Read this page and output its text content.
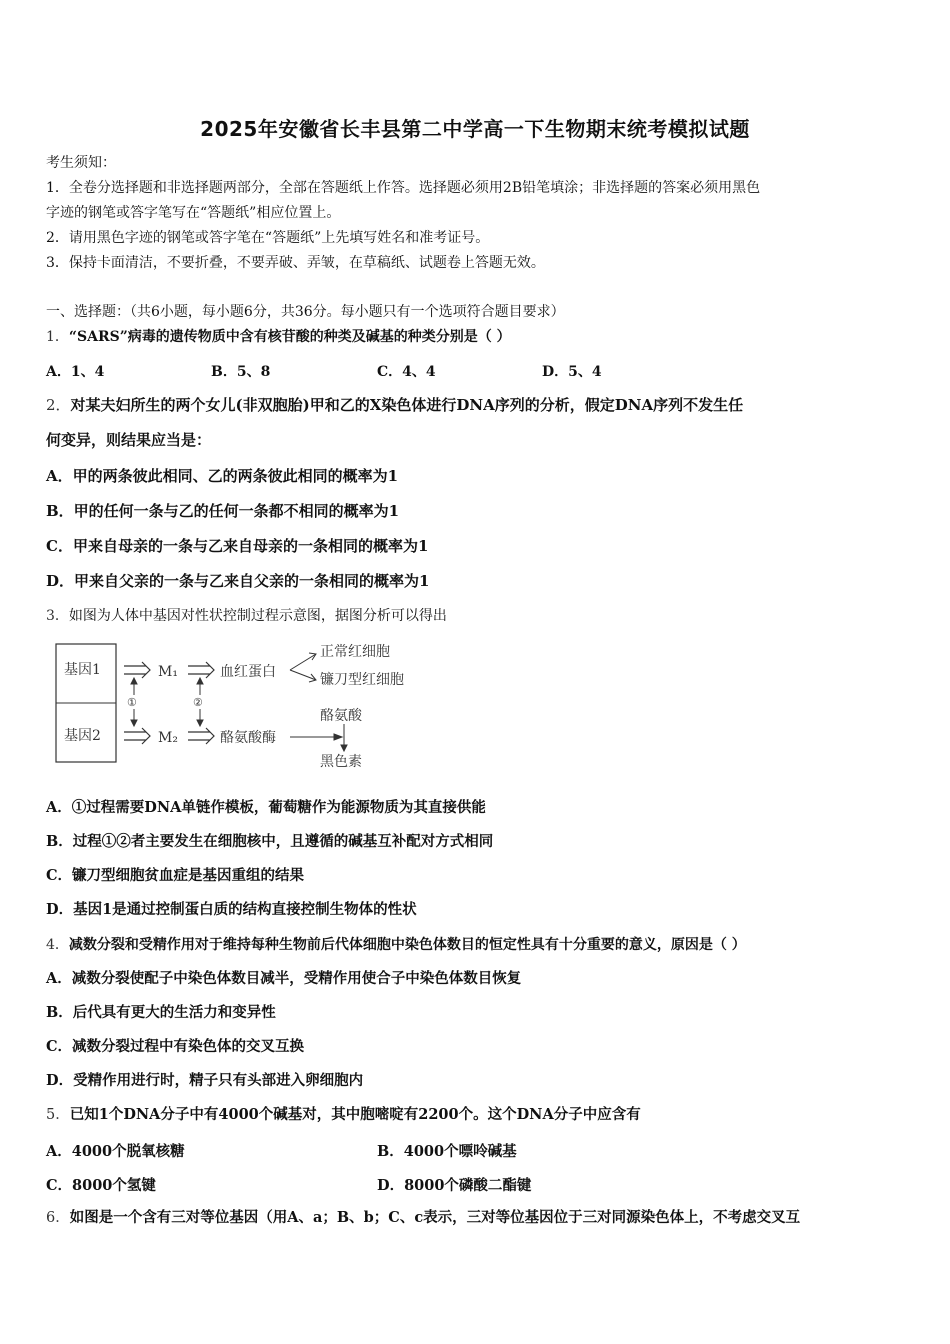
2025年安徽省长丰县第二中学高一下生物期末统考模拟试题
考生须知：
1．全卷分选择题和非选择题两部分，全部在答题纸上作答。选择题必须用2B铅笔填涂；非选择题的答案必须用黑色
字迹的钢笔或答字笔写在“答题纸”相应位置上。
2．请用黑色字迹的钢笔或答字笔在“答题纸”上先填写姓名和准考证号。
3．保持卡面清洁，不要折叠，不要弄破、弄皱，在草稿纸、试题卷上答题无效。
一、选择题：（共6小题，每小题6分，共36分。每小题只有一个选项符合题目要求）
1．“SARS”病毒的遗传物质中含有核苷酸的种类及碱基的种类分别是（ ）
A．1、4	B．5、8	C．4、4	D．5、4
2．对某夫妇所生的两个女儿(非双胞胎)甲和乙的X染色体进行DNA序列的分析，假定DNA序列不发生任
何变异，则结果应当是：
A．甲的两条彼此相同、乙的两条彼此相同的概率为1
B．甲的任何一条与乙的任何一条都不相同的概率为1
C．甲来自母亲的一条与乙来自母亲的一条相同的概率为1
D．甲来自父亲的一条与乙来自父亲的一条相同的概率为1
3．如图为人体中基因对性状控制过程示意图，据图分析可以得出
基因1
基因2
M₁
M₂
①	②
血红蛋白
正常红细胞
镰刀型红细胞
酪氨酸酶
酪氨酸
黑色素
A．①过程需要DNA单链作模板，葡萄糖作为能源物质为其直接供能
B．过程①②者主要发生在细胞核中，且遵循的碱基互补配对方式相同
C．镰刀型细胞贫血症是基因重组的结果
D．基因1是通过控制蛋白质的结构直接控制生物体的性状
4．减数分裂和受精作用对于维持每种生物前后代体细胞中染色体数目的恒定性具有十分重要的意义，原因是（ ）
A．减数分裂使配子中染色体数目减半，受精作用使合子中染色体数目恢复
B．后代具有更大的生活力和变异性
C．减数分裂过程中有染色体的交叉互换
D．受精作用进行时，精子只有头部进入卵细胞内
5．已知1个DNA分子中有4000个碱基对，其中胞嘧啶有2200个。这个DNA分子中应含有
A．4000个脱氧核糖	B．4000个嘌呤碱基
C．8000个氢键	D．8000个磷酸二酯键
6．如图是一个含有三对等位基因（用A、a；B、b；C、c表示，三对等位基因位于三对同源染色体上，不考虑交叉互
